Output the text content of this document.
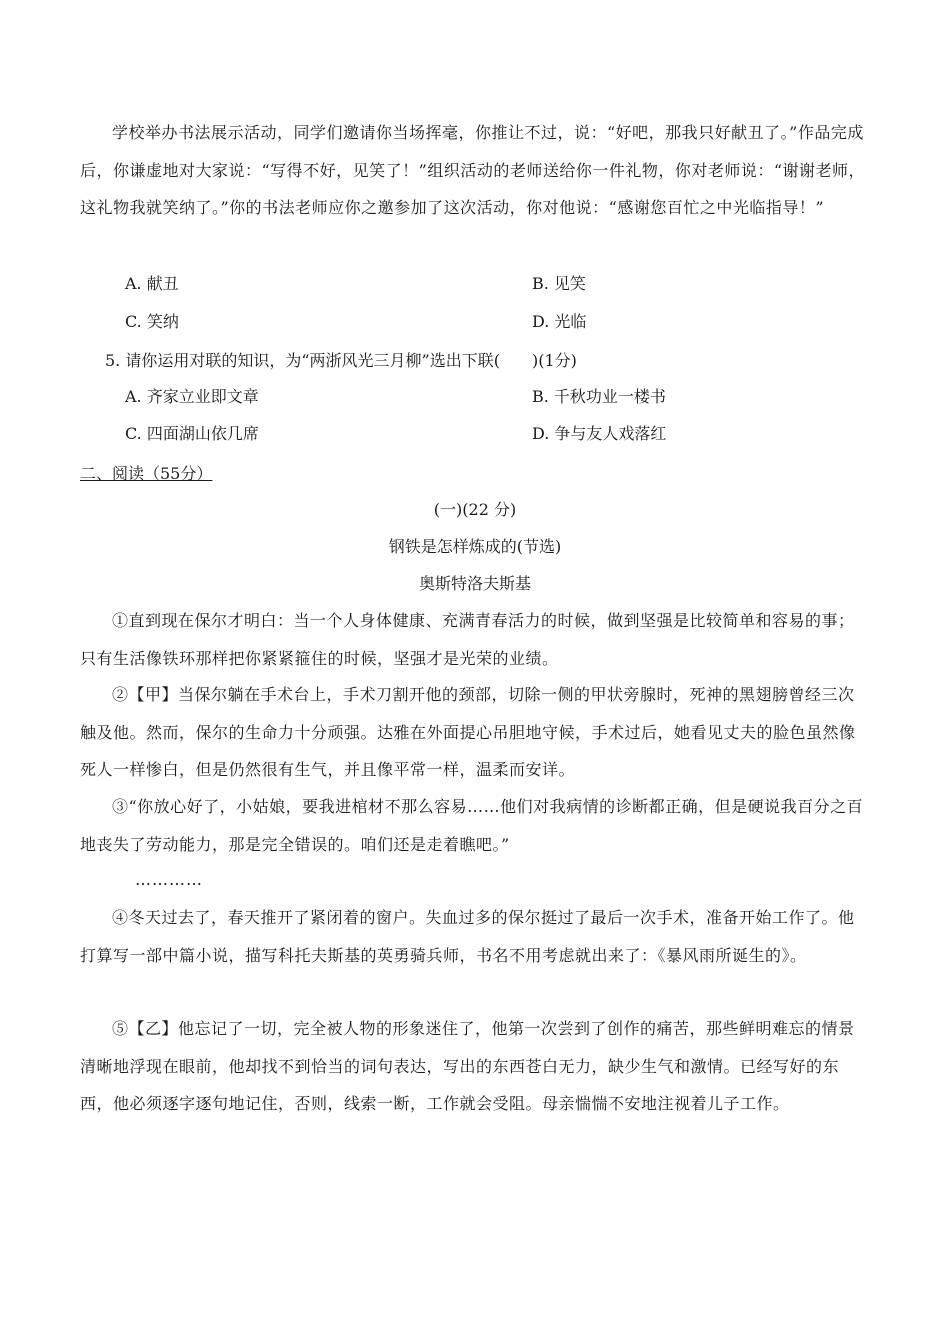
学校举办书法展示活动，同学们邀请你当场挥毫，你推让不过，说：“好吧，那我只好献丑了。”作品完成后，你谦虚地对大家说：“写得不好，见笑了！”组织活动的老师送给你一件礼物，你对老师说：“谢谢老师，这礼物我就笑纳了。”你的书法老师应你之邀参加了这次活动，你对他说：“感谢您百忙之中光临指导！”

A. 献丑	B. 见笑
C. 笑纳	D. 光临
5. 请你运用对联的知识，为“两浙风光三月柳”选出下联(　　)(1分)
A. 齐家立业即文章	B. 千秋功业一楼书
C. 四面湖山依几席	D. 争与友人戏落红
二、阅读（55分）
(一)(22 分)
钢铁是怎样炼成的(节选)
奥斯特洛夫斯基

①直到现在保尔才明白：当一个人身体健康、充满青春活力的时候，做到坚强是比较简单和容易的事；只有生活像铁环那样把你紧紧箍住的时候，坚强才是光荣的业绩。

②【甲】当保尔躺在手术台上，手术刀割开他的颈部，切除一侧的甲状旁腺时，死神的黑翅膀曾经三次触及他。然而，保尔的生命力十分顽强。达雅在外面提心吊胆地守候，手术过后，她看见丈夫的脸色虽然像死人一样惨白，但是仍然很有生气，并且像平常一样，温柔而安详。

③“你放心好了，小姑娘，要我进棺材不那么容易……他们对我病情的诊断都正确，但是硬说我百分之百地丧失了劳动能力，那是完全错误的。咱们还是走着瞧吧。”

…………

④冬天过去了，春天推开了紧闭着的窗户。失血过多的保尔挺过了最后一次手术，准备开始工作了。他打算写一部中篇小说，描写科托夫斯基的英勇骑兵师，书名不用考虑就出来了：《暴风雨所诞生的》。

⑤【乙】他忘记了一切，完全被人物的形象迷住了，他第一次尝到了创作的痛苦，那些鲜明难忘的情景清晰地浮现在眼前，他却找不到恰当的词句表达，写出的东西苍白无力，缺少生气和激情。已经写好的东西，他必须逐字逐句地记住，否则，线索一断，工作就会受阻。母亲惴惴不安地注视着儿子工作。
